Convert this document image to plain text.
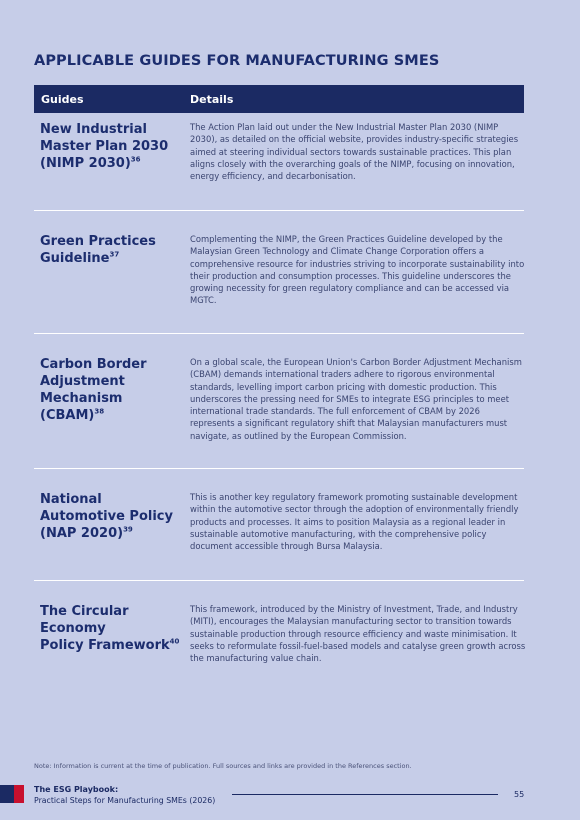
APPLICABLE GUIDES FOR MANUFACTURING SMES
Guides	Details
New Industrial
Master Plan 2030
(NIMP 2030)$^{36}$
The Action Plan laid out under the New Industrial Master Plan 2030 (NIMP 2030), as detailed on the official website, provides industry-specific strategies aimed at steering individual sectors towards sustainable practices. This plan aligns closely with the overarching goals of the NIMP, focusing on innovation, energy efficiency, and decarbonisation.
Green Practices
Guideline$^{37}$
Complementing the NIMP, the Green Practices Guideline developed by the Malaysian Green Technology and Climate Change Corporation offers a comprehensive resource for industries striving to incorporate sustainability into their production and consumption processes. This guideline underscores the growing necessity for green regulatory compliance and can be accessed via MGTC.
Carbon Border
Adjustment
Mechanism
(CBAM)$^{38}$
On a global scale, the European Union's Carbon Border Adjustment Mechanism (CBAM) demands international traders adhere to rigorous environmental standards, levelling import carbon pricing with domestic production. This underscores the pressing need for SMEs to integrate ESG principles to meet international trade standards. The full enforcement of CBAM by 2026 represents a significant regulatory shift that Malaysian manufacturers must navigate, as outlined by the European Commission.
National
Automotive Policy
(NAP 2020)$^{39}$
This is another key regulatory framework promoting sustainable development within the automotive sector through the adoption of environmentally friendly products and processes. It aims to position Malaysia as a regional leader in sustainable automotive manufacturing, with the comprehensive policy document accessible through Bursa Malaysia.
The Circular Economy
Policy Framework$^{40}$
This framework, introduced by the Ministry of Investment, Trade, and Industry (MITI), encourages the Malaysian manufacturing sector to transition towards sustainable production through resource efficiency and waste minimisation. It seeks to reformulate fossil-fuel-based models and catalyse green growth across the manufacturing value chain.
Note: Information is current at the time of publication. Full sources and links are provided in the References section.
The ESG Playbook:
Practical Steps for Manufacturing SMEs (2026)
55
